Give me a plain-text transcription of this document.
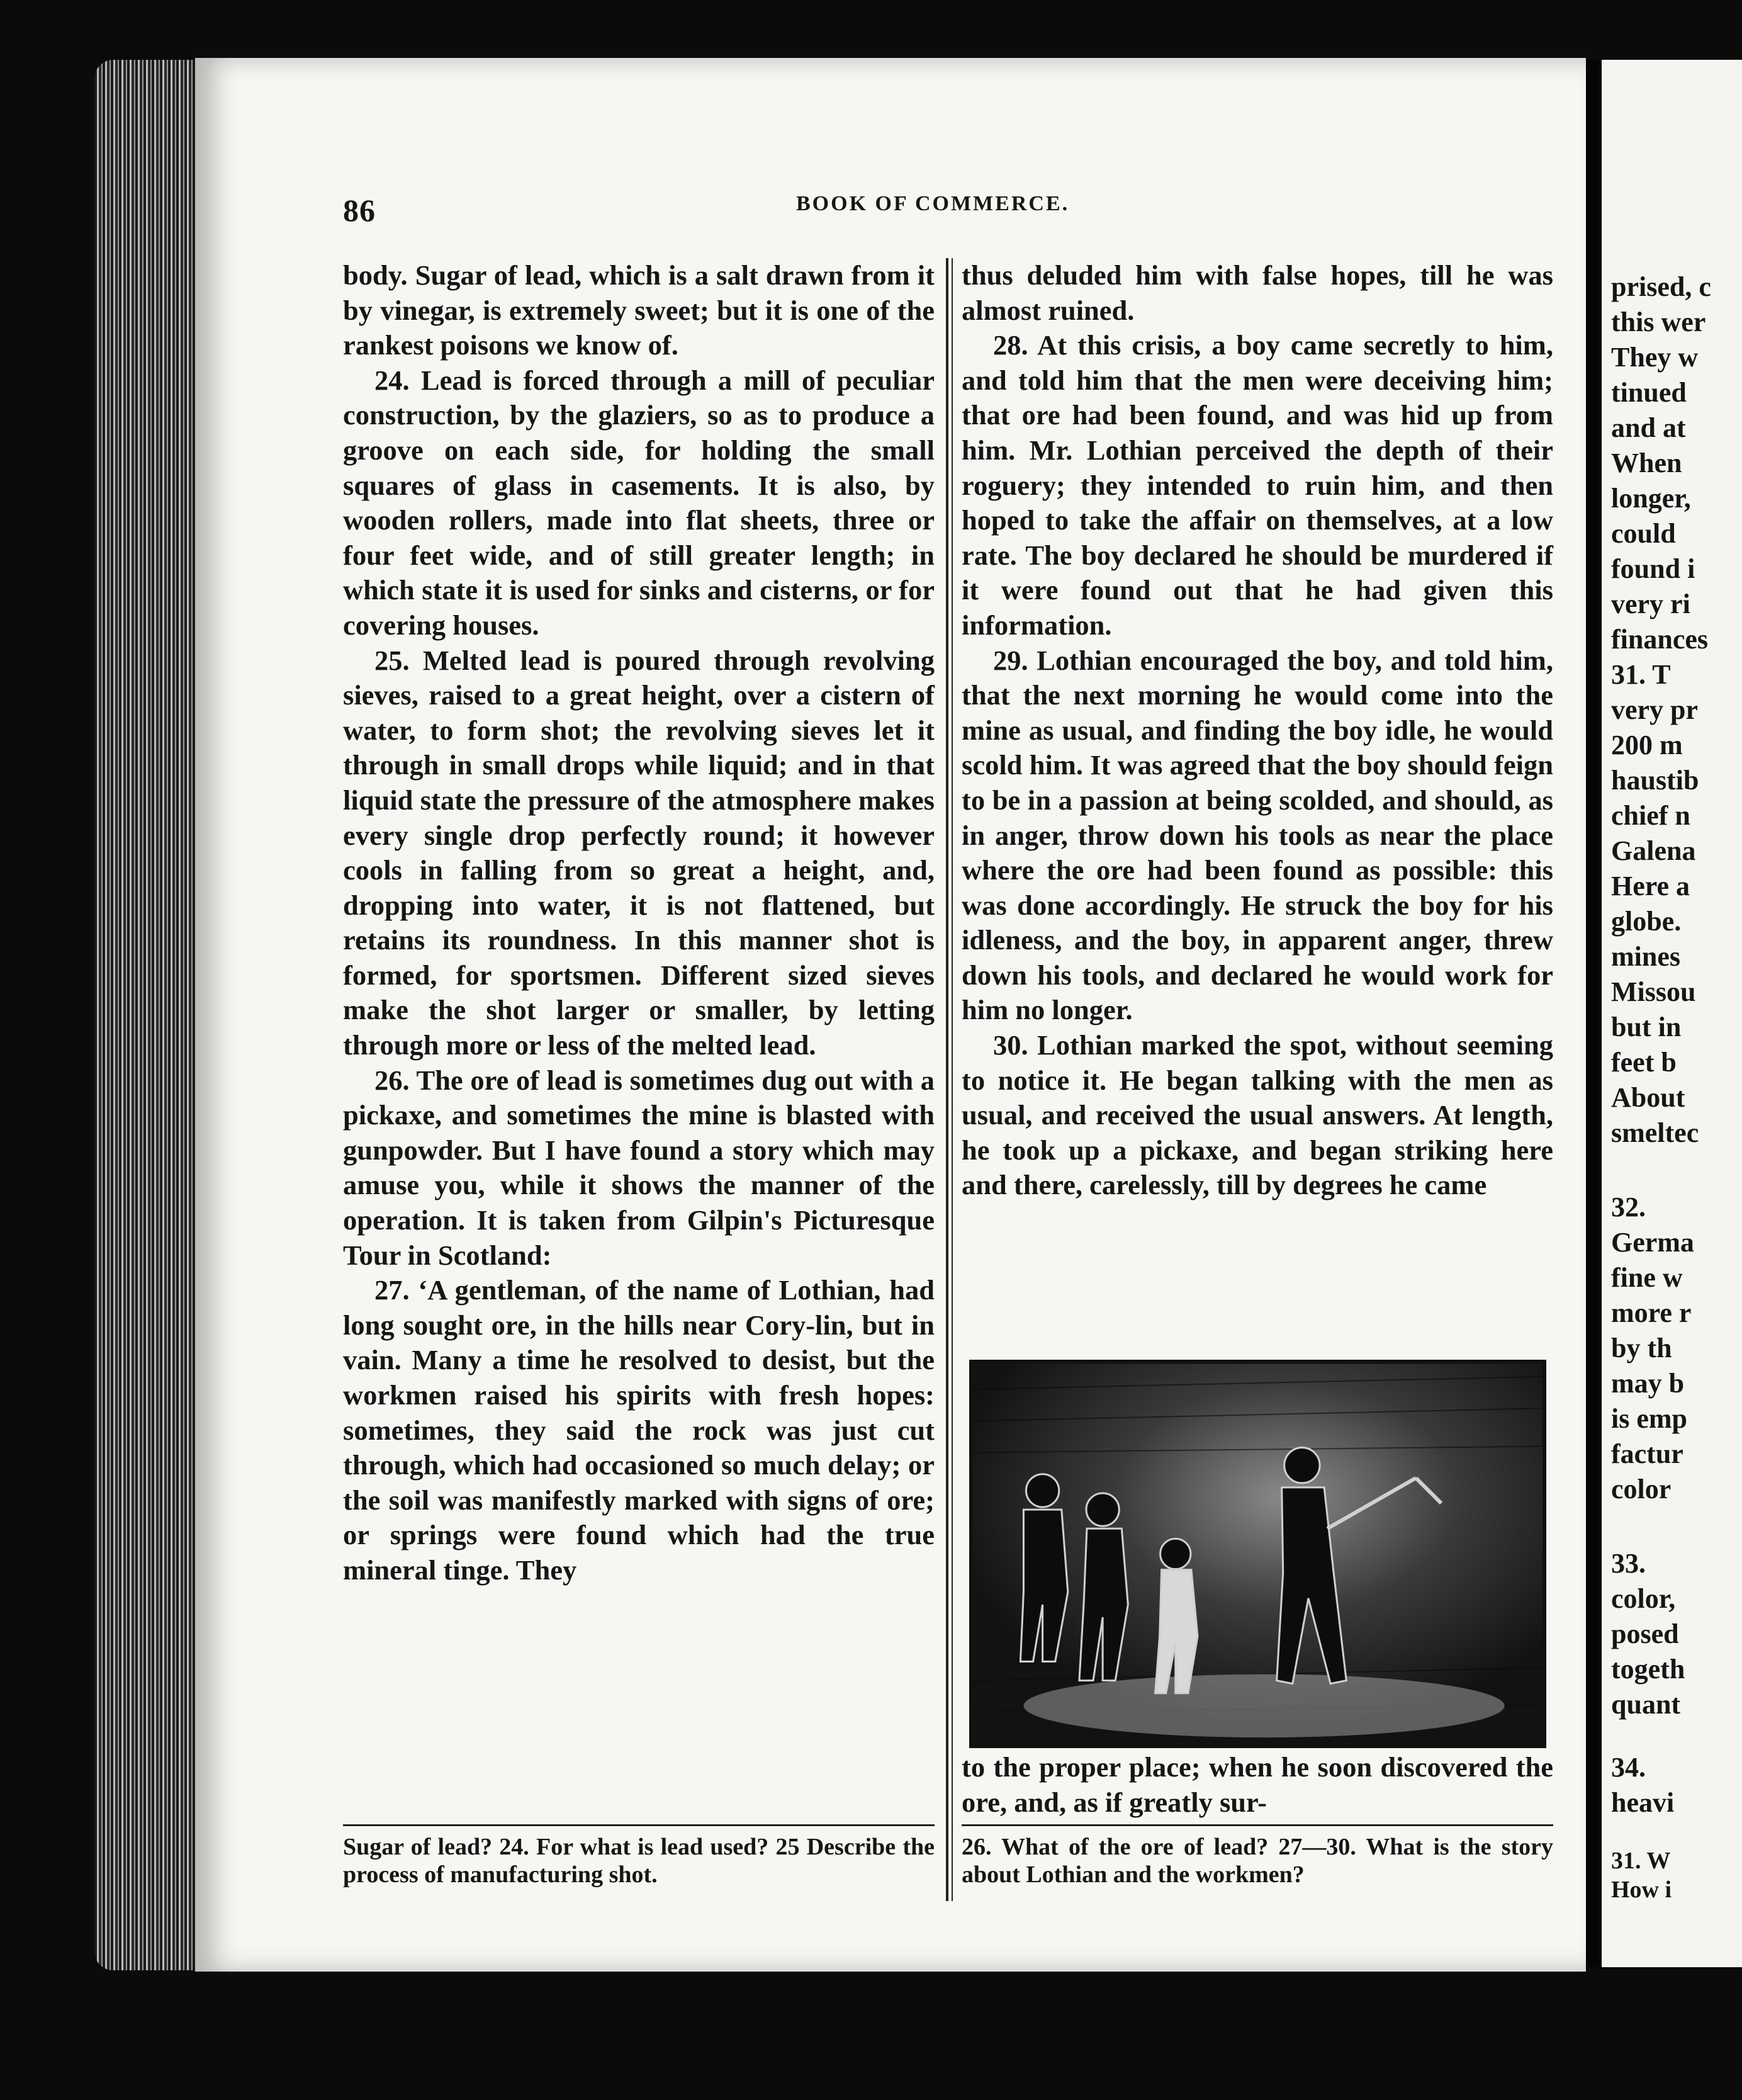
86	BOOK OF COMMERCE.

body. Sugar of lead, which is a salt drawn from it by vinegar, is extremely sweet; but it is one of the rankest poisons we know of.

24. Lead is forced through a mill of peculiar construction, by the glaziers, so as to produce a groove on each side, for holding the small squares of glass in casements. It is also, by wooden rollers, made into flat sheets, three or four feet wide, and of still greater length; in which state it is used for sinks and cisterns, or for covering houses.

25. Melted lead is poured through revolving sieves, raised to a great height, over a cistern of water, to form shot; the revolving sieves let it through in small drops while liquid; and in that liquid state the pressure of the atmosphere makes every single drop perfectly round; it however cools in falling from so great a height, and, dropping into water, it is not flattened, but retains its roundness. In this manner shot is formed, for sportsmen. Different sized sieves make the shot larger or smaller, by letting through more or less of the melted lead.

26. The ore of lead is sometimes dug out with a pickaxe, and sometimes the mine is blasted with gunpowder. But I have found a story which may amuse you, while it shows the manner of the operation. It is taken from Gilpin's Picturesque Tour in Scotland:

27. ‘A gentleman, of the name of Lothian, had long sought ore, in the hills near Cory-lin, but in vain. Many a time he resolved to desist, but the workmen raised his spirits with fresh hopes: sometimes, they said the rock was just cut through, which had occasioned so much delay; or the soil was manifestly marked with signs of ore; or springs were found which had the true mineral tinge. They

thus deluded him with false hopes, till he was almost ruined.

28. At this crisis, a boy came secretly to him, and told him that the men were deceiving him; that ore had been found, and was hid up from him. Mr. Lothian perceived the depth of their roguery; they intended to ruin him, and then hoped to take the affair on themselves, at a low rate. The boy declared he should be murdered if it were found out that he had given this information.

29. Lothian encouraged the boy, and told him, that the next morning he would come into the mine as usual, and finding the boy idle, he would scold him. It was agreed that the boy should feign to be in a passion at being scolded, and should, as in anger, throw down his tools as near the place where the ore had been found as possible: this was done accordingly. He struck the boy for his idleness, and the boy, in apparent anger, threw down his tools, and declared he would work for him no longer.

30. Lothian marked the spot, without seeming to notice it. He began talking with the men as usual, and received the usual answers. At length, he took up a pickaxe, and began striking here and there, carelessly, till by degrees he came

to the proper place; when he soon discovered the ore, and, as if greatly sur-

Sugar of lead? 24. For what is lead used? 25 Describe the process of manufacturing shot.
26. What of the ore of lead? 27—30. What is the story about Lothian and the workmen?
prised, c
this wer
They w
tinued
and at
When
longer,
could
found i
very ri
finances
31. T
very pr
200 m
haustib
chief n
Galena
Here a
globe.
mines
Missou
but in
feet b
About
smeltec
32.
Germa
fine w
more r
by th
may b
is emp
factur
color
33.
color,
posed
togeth
quant
34.
heavi
31. W
How i
